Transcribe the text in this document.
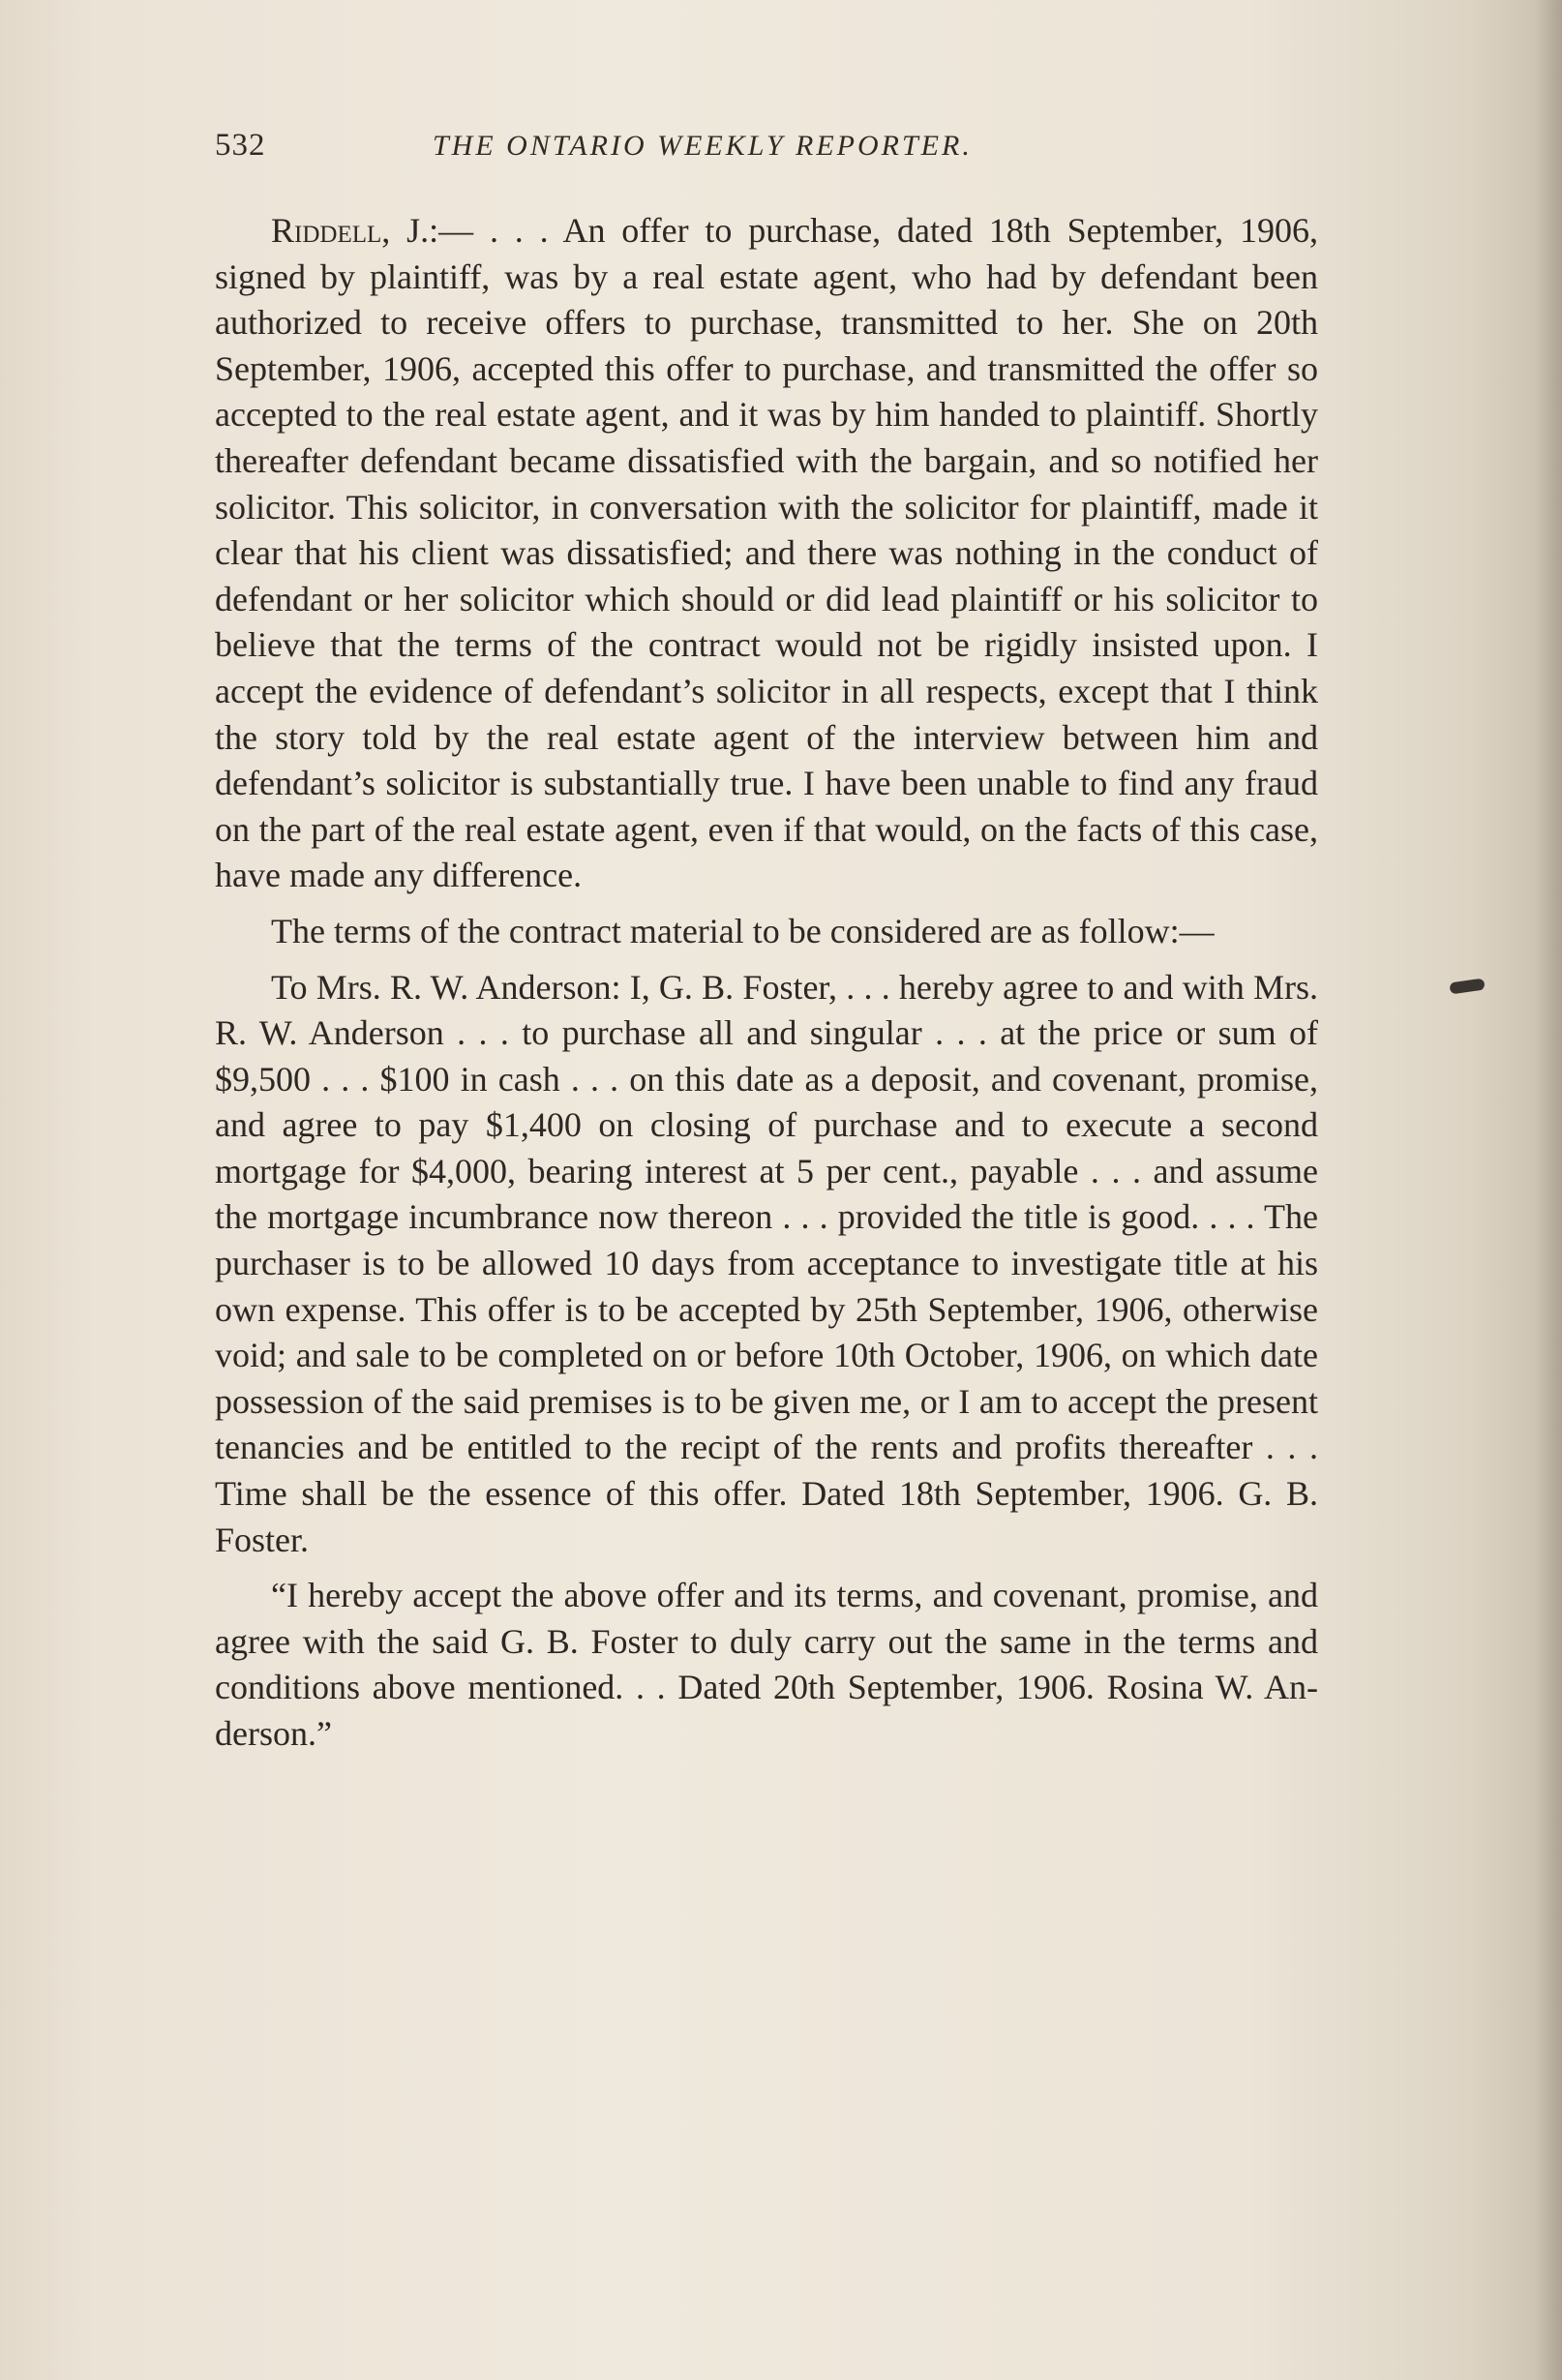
532	THE ONTARIO WEEKLY REPORTER.

Riddell, J.:— . . . An offer to purchase, dated 18th September, 1906, signed by plaintiff, was by a real estate agent, who had by defendant been authorized to receive offers to purchase, transmitted to her. She on 20th September, 1906, accepted this offer to purchase, and transmitted the offer so accepted to the real estate agent, and it was by him handed to plaintiff. Shortly thereafter defendant became dissatisfied with the bargain, and so notified her solicitor. This solicitor, in conversation with the solicitor for plaintiff, made it clear that his client was dissatisfied; and there was nothing in the conduct of defendant or her solicitor which should or did lead plaintiff or his solicitor to believe that the terms of the contract would not be rigidly insisted upon. I accept the evidence of defendant’s solicitor in all respects, except that I think the story told by the real estate agent of the interview between him and defendant’s solicitor is substantially true. I have been unable to find any fraud on the part of the real estate agent, even if that would, on the facts of this case, have made any difference.

The terms of the contract material to be considered are as follow:—

To Mrs. R. W. Anderson: I, G. B. Foster, . . . hereby agree to and with Mrs. R. W. Anderson . . . to purchase all and singular . . . at the price or sum of $9,500 . . . $100 in cash . . . on this date as a deposit, and covenant, promise, and agree to pay $1,400 on closing of purchase and to execute a second mortgage for $4,000, bearing interest at 5 per cent., payable . . . and assume the mortgage incumbrance now thereon . . . provided the title is good. . . . The purchaser is to be allowed 10 days from acceptance to investigate title at his own expense. This offer is to be accepted by 25th September, 1906, otherwise void; and sale to be completed on or before 10th October, 1906, on which date possession of the said premises is to be given me, or I am to accept the present tenancies and be entitled to the recipt of the rents and profits thereafter . . . Time shall be the essence of this offer. Dated 18th September, 1906. G. B. Foster.

“I hereby accept the above offer and its terms, and covenant, promise, and agree with the said G. B. Foster to duly carry out the same in the terms and conditions above mentioned. . . Dated 20th September, 1906. Rosina W. Anderson.”
